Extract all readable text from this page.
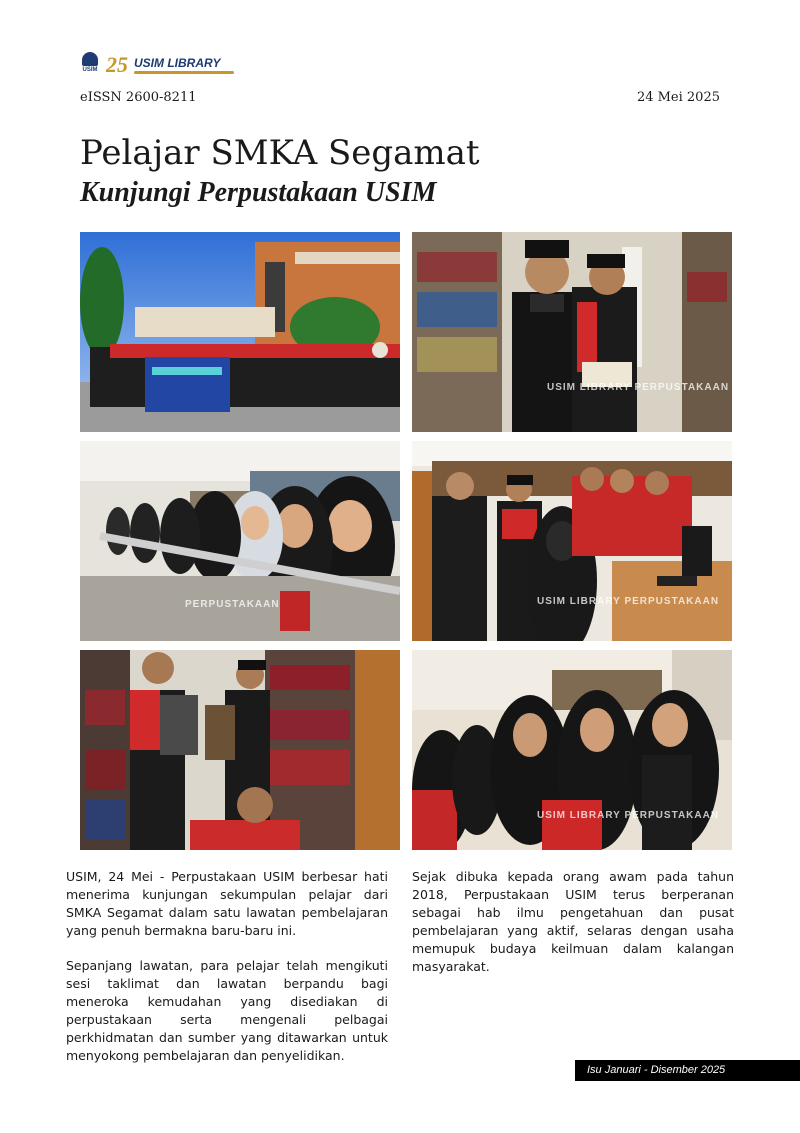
USIM 25 USIM LIBRARY
eISSN 2600-8211	24 Mei 2025
Pelajar SMKA Segamat
Kunjungi Perpustakaan USIM
USIM LIBRARY PERPUSTAKAAN
PERPUSTAKAAN	USIM LIBRARY PERPUSTAKAAN
USIM LIBRARY PERPUSTAKAAN

USIM, 24 Mei - Perpustakaan USIM berbesar hati menerima kunjungan sekumpulan pelajar dari SMKA Segamat dalam satu lawatan pembelajaran yang penuh bermakna baru-baru ini.

Sepanjang lawatan, para pelajar telah mengikuti sesi taklimat dan lawatan berpandu bagi meneroka kemudahan yang disediakan di perpustakaan serta mengenali pelbagai perkhidmatan dan sumber yang ditawarkan untuk menyokong pembelajaran dan penyelidikan.

Sejak dibuka kepada orang awam pada tahun 2018, Perpustakaan USIM terus berperanan sebagai hab ilmu pengetahuan dan pusat pembelajaran yang aktif, selaras dengan usaha memupuk budaya keilmuan dalam kalangan masyarakat.

Isu Januari - Disember 2025
